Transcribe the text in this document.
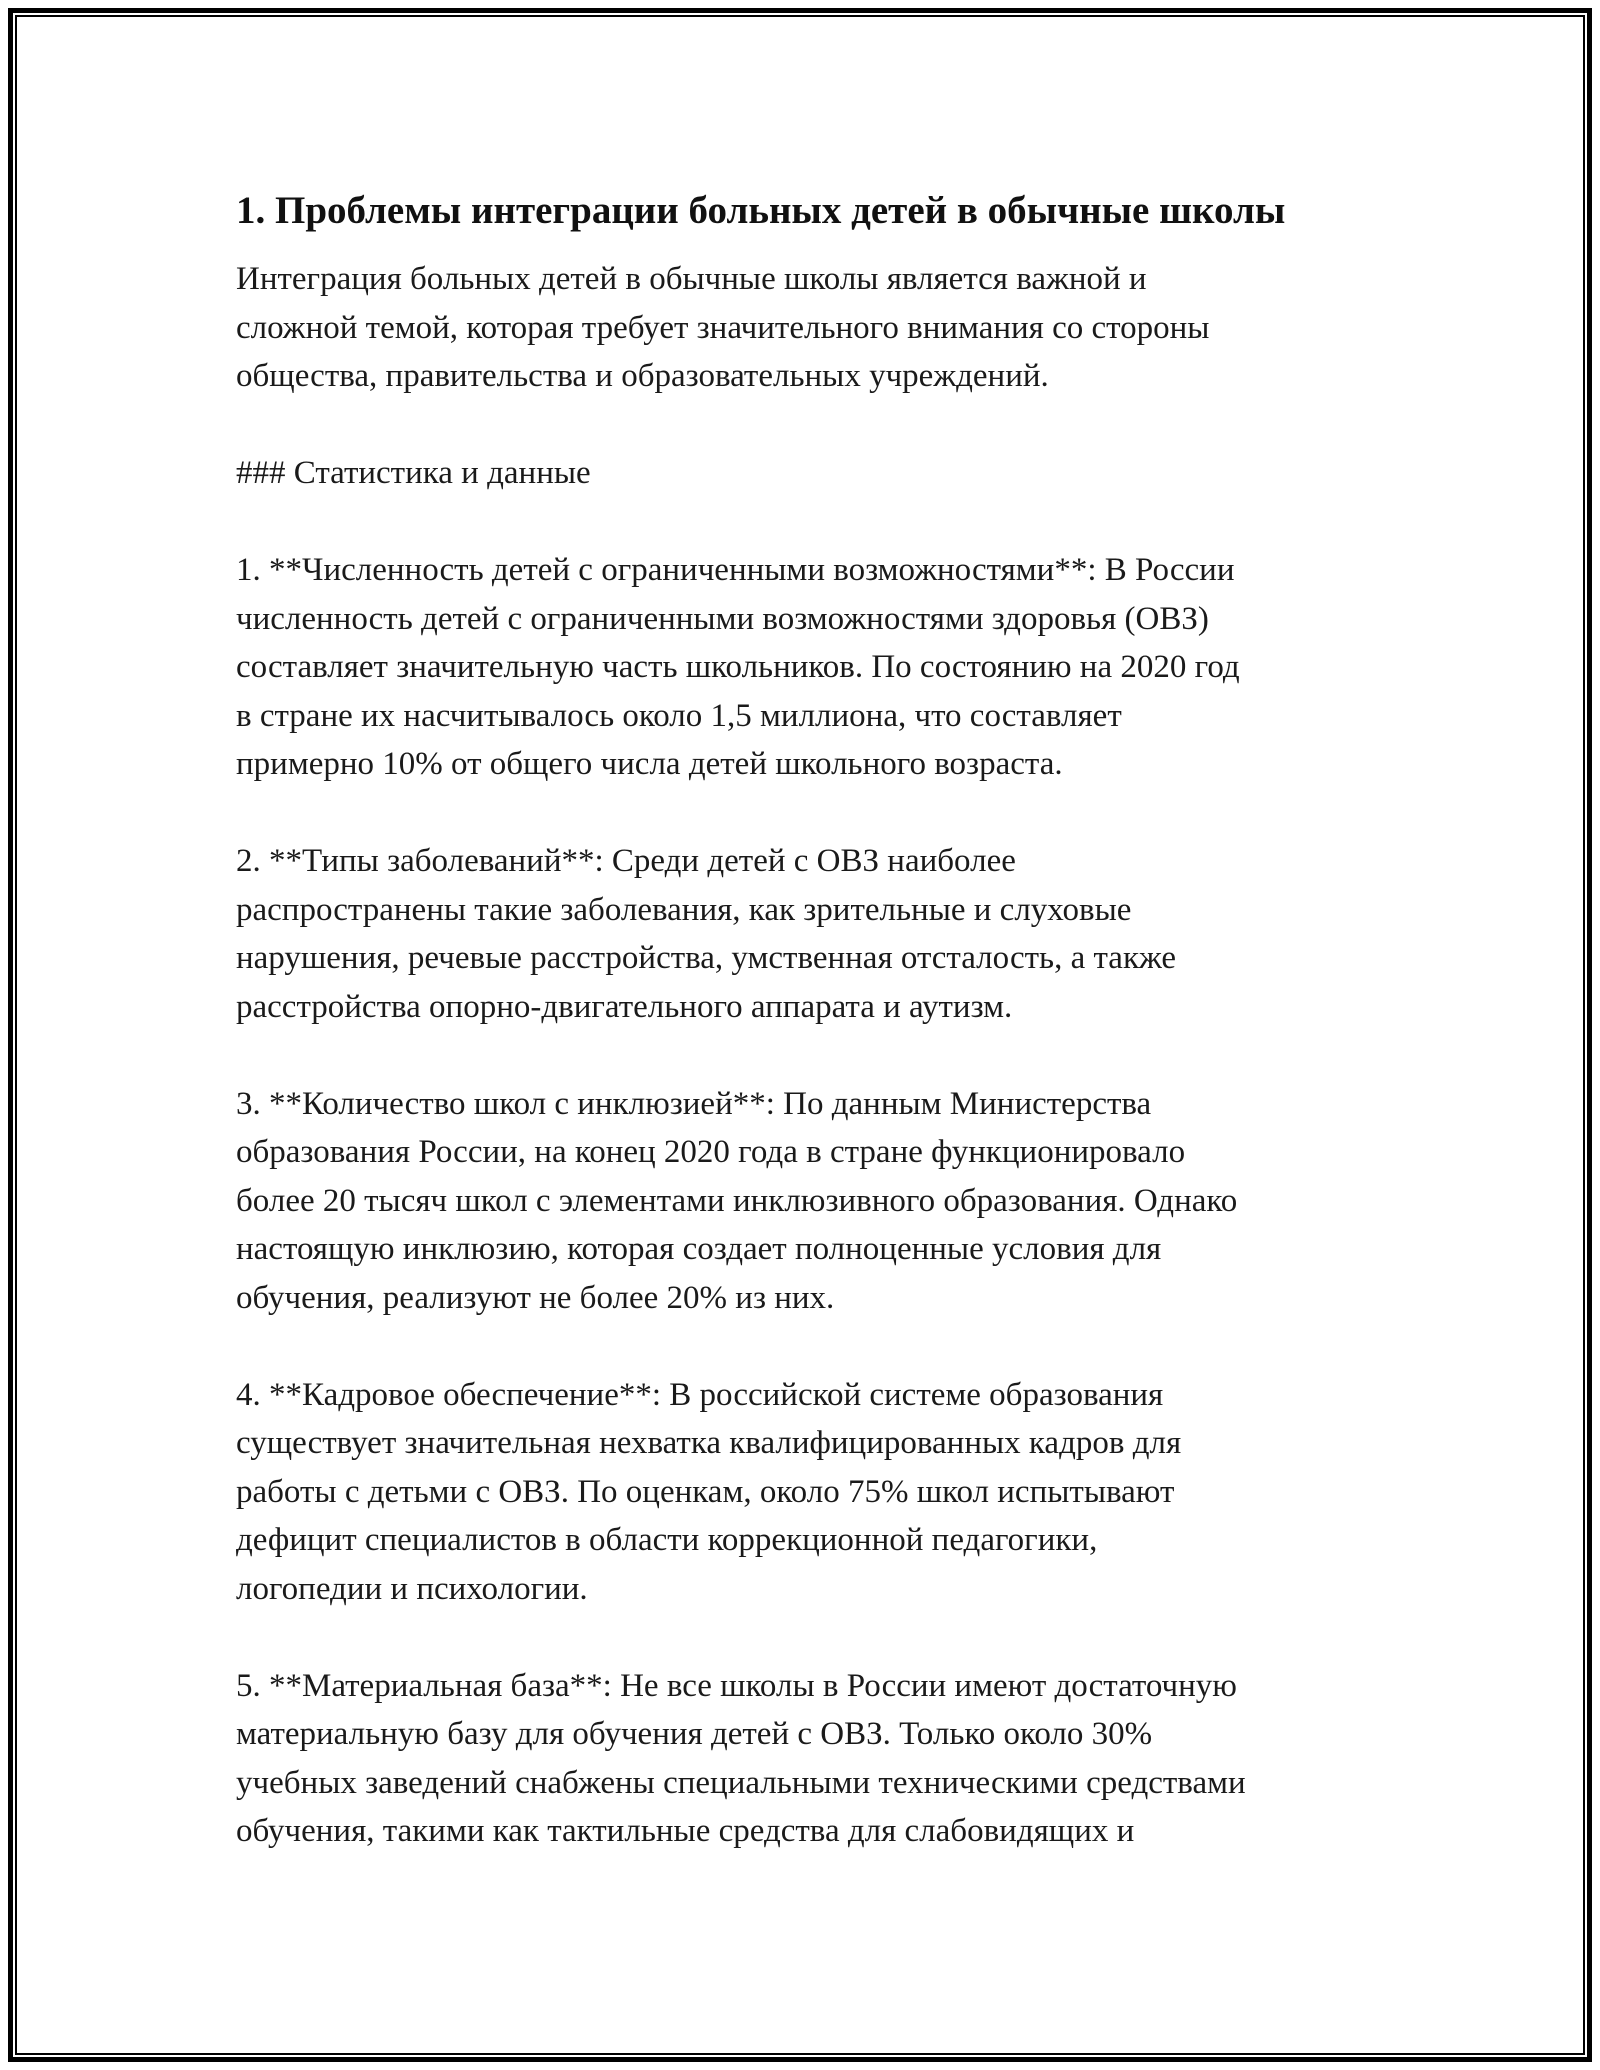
1. Проблемы интеграции больных детей в обычные школы
Интеграция больных детей в обычные школы является важной и
сложной темой, которая требует значительного внимания со стороны
общества, правительства и образовательных учреждений.
### Статистика и данные
1. **Численность детей с ограниченными возможностями**: В России
численность детей с ограниченными возможностями здоровья (ОВЗ)
составляет значительную часть школьников. По состоянию на 2020 год
в стране их насчитывалось около 1,5 миллиона, что составляет
примерно 10% от общего числа детей школьного возраста.
2. **Типы заболеваний**: Среди детей с ОВЗ наиболее
распространены такие заболевания, как зрительные и слуховые
нарушения, речевые расстройства, умственная отсталость, а также
расстройства опорно-двигательного аппарата и аутизм.
3. **Количество школ с инклюзией**: По данным Министерства
образования России, на конец 2020 года в стране функционировало
более 20 тысяч школ с элементами инклюзивного образования. Однако
настоящую инклюзию, которая создает полноценные условия для
обучения, реализуют не более 20% из них.
4. **Кадровое обеспечение**: В российской системе образования
существует значительная нехватка квалифицированных кадров для
работы с детьми с ОВЗ. По оценкам, около 75% школ испытывают
дефицит специалистов в области коррекционной педагогики,
логопедии и психологии.
5. **Материальная база**: Не все школы в России имеют достаточную
материальную базу для обучения детей с ОВЗ. Только около 30%
учебных заведений снабжены специальными техническими средствами
обучения, такими как тактильные средства для слабовидящих и
